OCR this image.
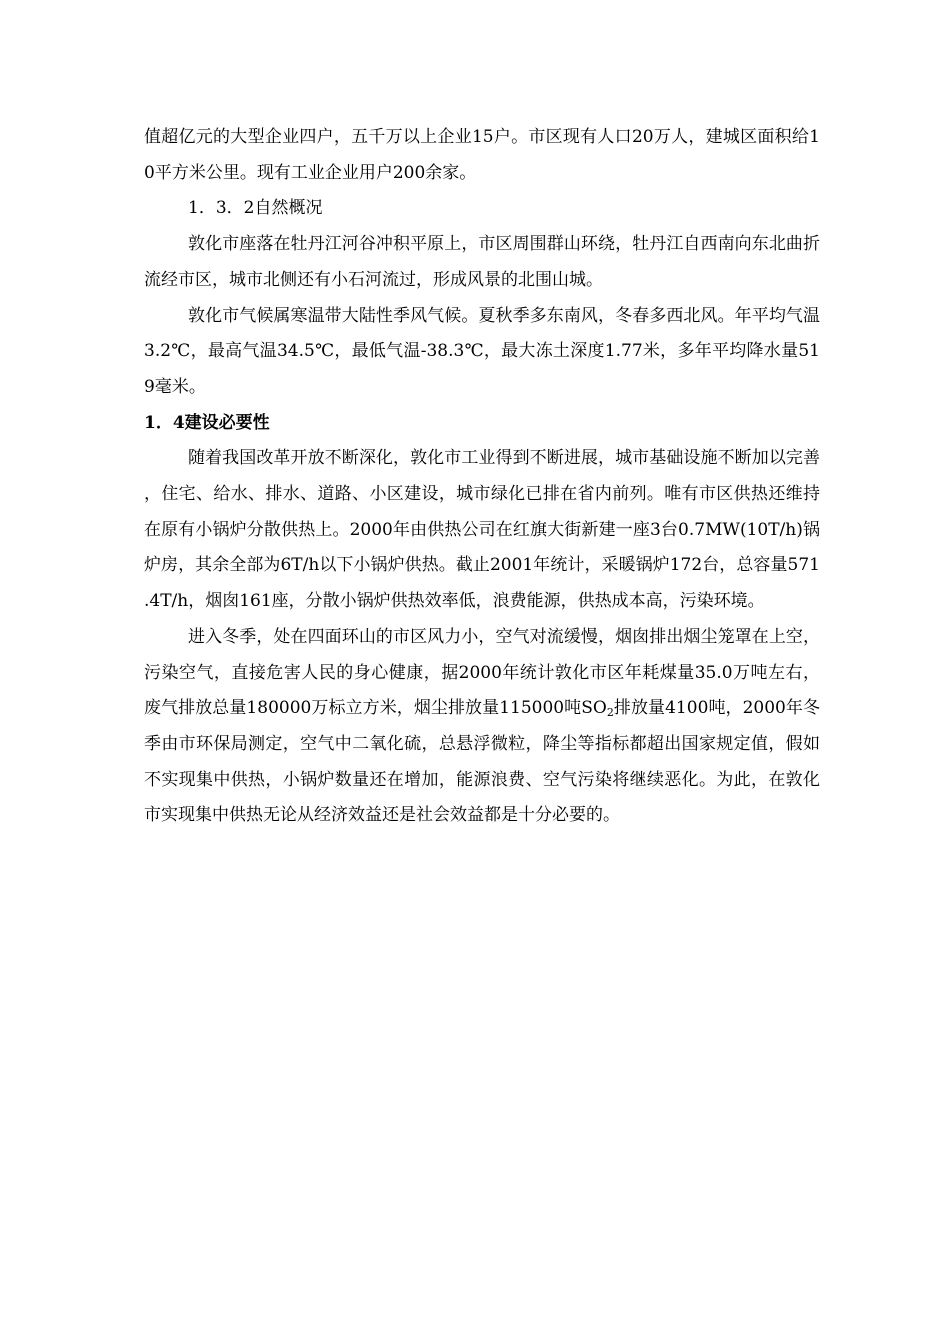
值超亿元的大型企业四户，五千万以上企业15户。市区现有人口20万人，建城区面积给10平方米公里。现有工业企业用户200余家。

1．3．2自然概况

敦化市座落在牡丹江河谷冲积平原上，市区周围群山环绕，牡丹江自西南向东北曲折流经市区，城市北侧还有小石河流过，形成风景的北围山城。

敦化市气候属寒温带大陆性季风气候。夏秋季多东南风，冬春多西北风。年平均气温3.2℃，最高气温34.5℃，最低气温-38.3℃，最大冻土深度1.77米，多年平均降水量519毫米。

1．4建设必要性

随着我国改革开放不断深化，敦化市工业得到不断进展，城市基础设施不断加以完善，住宅、给水、排水、道路、小区建设，城市绿化已排在省内前列。唯有市区供热还维持在原有小锅炉分散供热上。2000年由供热公司在红旗大街新建一座3台0.7MW(10T/h)锅炉房，其余全部为6T/h以下小锅炉供热。截止2001年统计，采暖锅炉172台，总容量571.4T/h，烟囱161座，分散小锅炉供热效率低，浪费能源，供热成本高，污染环境。

进入冬季，处在四面环山的市区风力小，空气对流缓慢，烟囱排出烟尘笼罩在上空，污染空气，直接危害人民的身心健康，据2000年统计敦化市区年耗煤量35.0万吨左右，废气排放总量180000万标立方米，烟尘排放量115000吨$SO_2$排放量4100吨，2000年冬季由市环保局测定，空气中二氧化硫，总悬浮微粒，降尘等指标都超出国家规定值，假如不实现集中供热，小锅炉数量还在增加，能源浪费、空气污染将继续恶化。为此，在敦化市实现集中供热无论从经济效益还是社会效益都是十分必要的。
